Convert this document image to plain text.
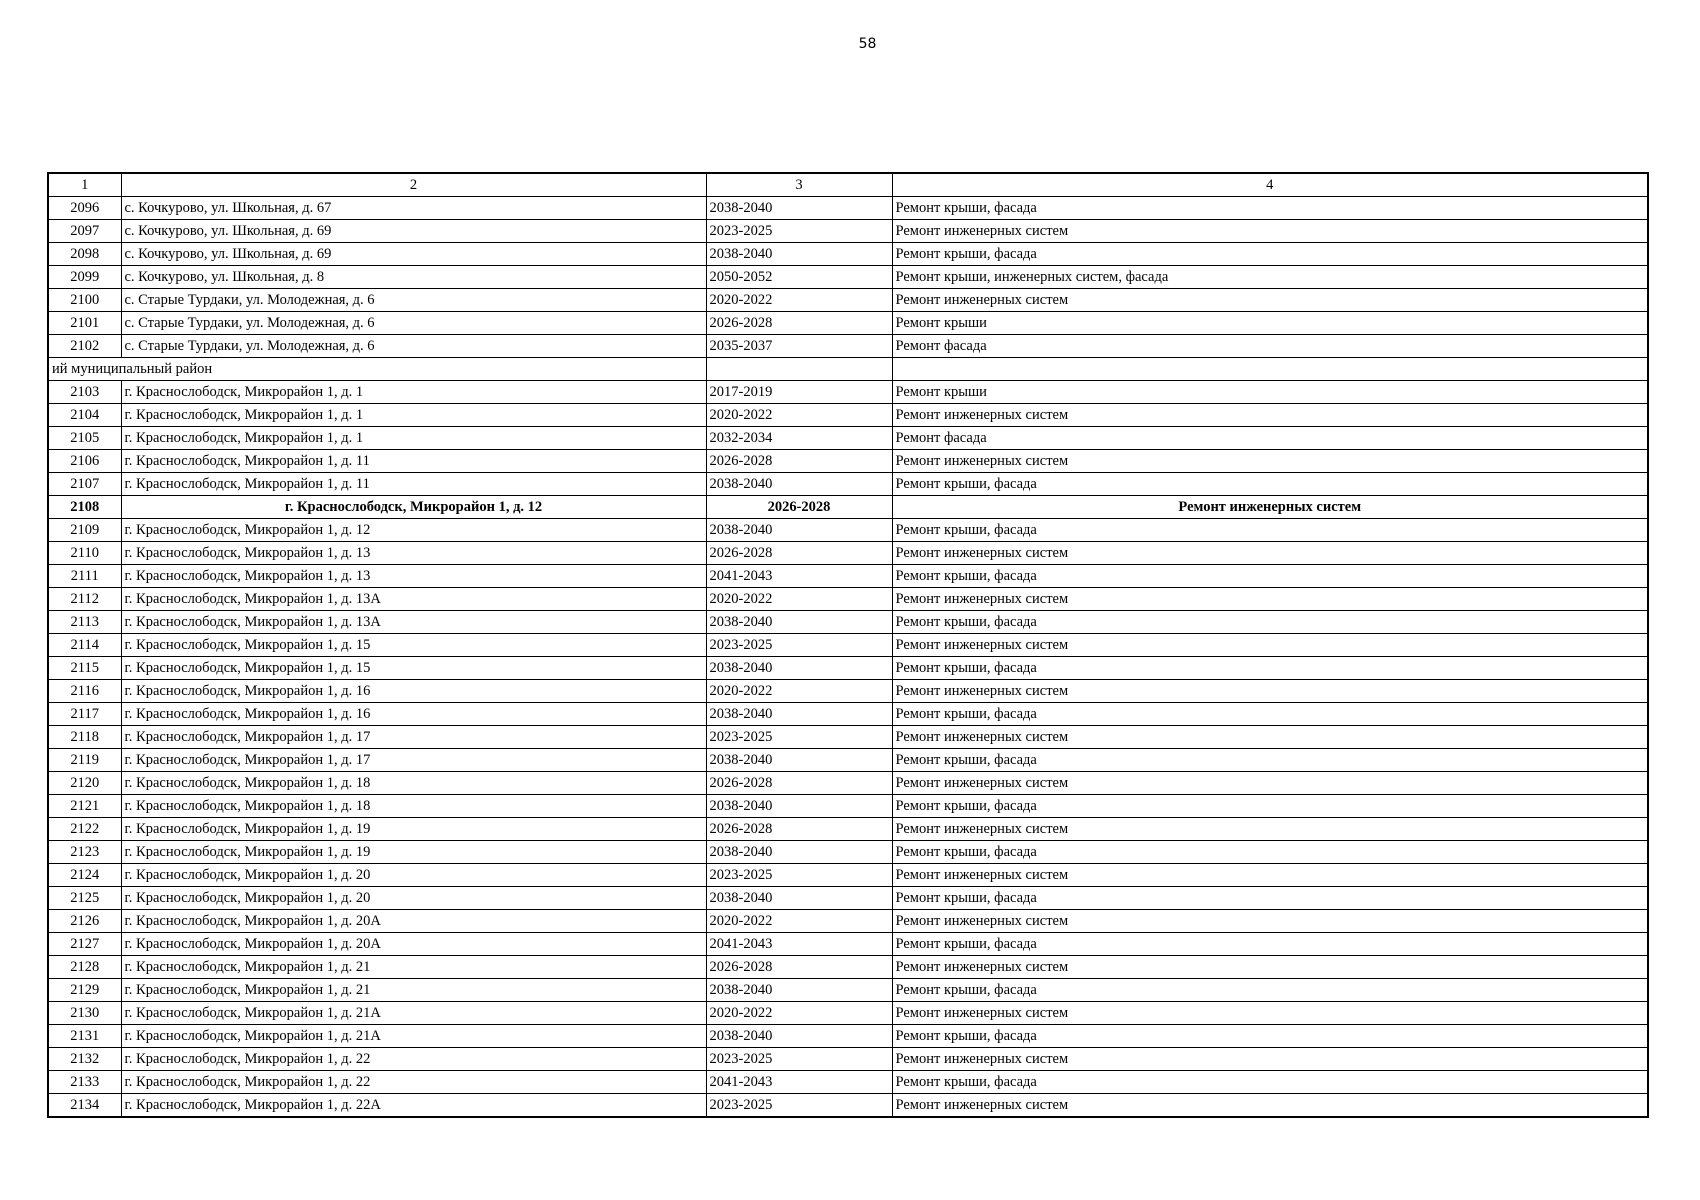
58
1	2	3	4
2096	с. Кочкурово, ул. Школьная, д. 67	2038-2040	Ремонт крыши, фасада
2097	с. Кочкурово, ул. Школьная, д. 69	2023-2025	Ремонт инженерных систем
2098	с. Кочкурово, ул. Школьная, д. 69	2038-2040	Ремонт крыши, фасада
2099	с. Кочкурово, ул. Школьная, д. 8	2050-2052	Ремонт крыши, инженерных систем, фасада
2100	с. Старые Турдаки, ул. Молодежная, д. 6	2020-2022	Ремонт инженерных систем
2101	с. Старые Турдаки, ул. Молодежная, д. 6	2026-2028	Ремонт крыши
2102	с. Старые Турдаки, ул. Молодежная, д. 6	2035-2037	Ремонт фасада
ий муниципальный район			
2103	г. Краснослободск, Микрорайон 1, д. 1	2017-2019	Ремонт крыши
2104	г. Краснослободск, Микрорайон 1, д. 1	2020-2022	Ремонт инженерных систем
2105	г. Краснослободск, Микрорайон 1, д. 1	2032-2034	Ремонт фасада
2106	г. Краснослободск, Микрорайон 1, д. 11	2026-2028	Ремонт инженерных систем
2107	г. Краснослободск, Микрорайон 1, д. 11	2038-2040	Ремонт крыши, фасада
2108	г. Краснослободск, Микрорайон 1, д. 12	2026-2028	Ремонт инженерных систем
2109	г. Краснослободск, Микрорайон 1, д. 12	2038-2040	Ремонт крыши, фасада
2110	г. Краснослободск, Микрорайон 1, д. 13	2026-2028	Ремонт инженерных систем
2111	г. Краснослободск, Микрорайон 1, д. 13	2041-2043	Ремонт крыши, фасада
2112	г. Краснослободск, Микрорайон 1, д. 13А	2020-2022	Ремонт инженерных систем
2113	г. Краснослободск, Микрорайон 1, д. 13А	2038-2040	Ремонт крыши, фасада
2114	г. Краснослободск, Микрорайон 1, д. 15	2023-2025	Ремонт инженерных систем
2115	г. Краснослободск, Микрорайон 1, д. 15	2038-2040	Ремонт крыши, фасада
2116	г. Краснослободск, Микрорайон 1, д. 16	2020-2022	Ремонт инженерных систем
2117	г. Краснослободск, Микрорайон 1, д. 16	2038-2040	Ремонт крыши, фасада
2118	г. Краснослободск, Микрорайон 1, д. 17	2023-2025	Ремонт инженерных систем
2119	г. Краснослободск, Микрорайон 1, д. 17	2038-2040	Ремонт крыши, фасада
2120	г. Краснослободск, Микрорайон 1, д. 18	2026-2028	Ремонт инженерных систем
2121	г. Краснослободск, Микрорайон 1, д. 18	2038-2040	Ремонт крыши, фасада
2122	г. Краснослободск, Микрорайон 1, д. 19	2026-2028	Ремонт инженерных систем
2123	г. Краснослободск, Микрорайон 1, д. 19	2038-2040	Ремонт крыши, фасада
2124	г. Краснослободск, Микрорайон 1, д. 20	2023-2025	Ремонт инженерных систем
2125	г. Краснослободск, Микрорайон 1, д. 20	2038-2040	Ремонт крыши, фасада
2126	г. Краснослободск, Микрорайон 1, д. 20А	2020-2022	Ремонт инженерных систем
2127	г. Краснослободск, Микрорайон 1, д. 20А	2041-2043	Ремонт крыши, фасада
2128	г. Краснослободск, Микрорайон 1, д. 21	2026-2028	Ремонт инженерных систем
2129	г. Краснослободск, Микрорайон 1, д. 21	2038-2040	Ремонт крыши, фасада
2130	г. Краснослободск, Микрорайон 1, д. 21А	2020-2022	Ремонт инженерных систем
2131	г. Краснослободск, Микрорайон 1, д. 21А	2038-2040	Ремонт крыши, фасада
2132	г. Краснослободск, Микрорайон 1, д. 22	2023-2025	Ремонт инженерных систем
2133	г. Краснослободск, Микрорайон 1, д. 22	2041-2043	Ремонт крыши, фасада
2134	г. Краснослободск, Микрорайон 1, д. 22А	2023-2025	Ремонт инженерных систем
